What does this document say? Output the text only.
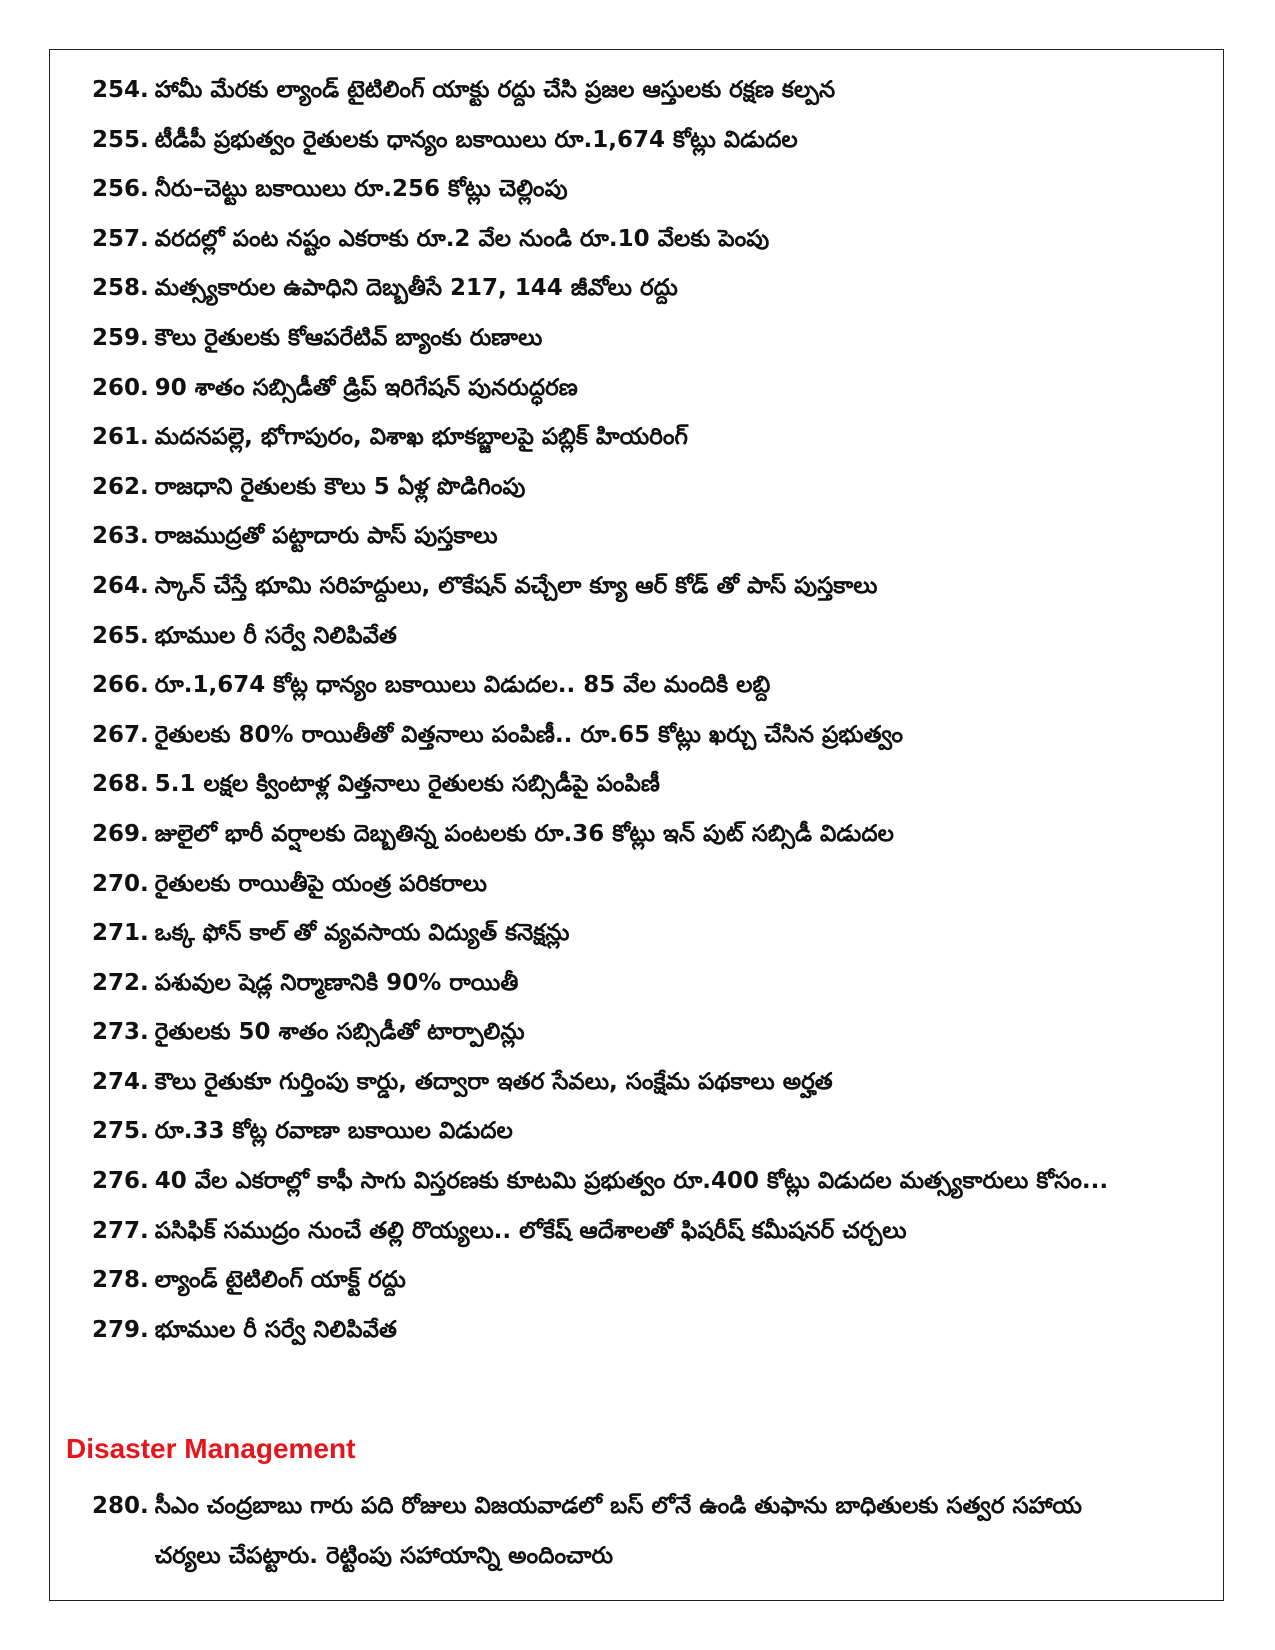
254. హామీ మేరకు ల్యాండ్ టైటిలింగ్ యాక్టు రద్దు చేసి ప్రజల ఆస్తులకు రక్షణ కల్పన
255. టీడీపీ ప్రభుత్వం రైతులకు ధాన్యం బకాయిలు రూ.1,674 కోట్లు విడుదల
256. నీరు–చెట్టు బకాయిలు రూ.256 కోట్లు చెల్లింపు
257. వరదల్లో పంట నష్టం ఎకరాకు రూ.2 వేల నుండి రూ.10 వేలకు పెంపు
258. మత్స్యకారుల ఉపాధిని దెబ్బతీసే 217, 144 జీవోలు రద్దు
259. కౌలు రైతులకు కోఆపరేటివ్ బ్యాంకు రుణాలు
260. 90 శాతం సబ్సిడీతో డ్రిప్ ఇరిగేషన్ పునరుద్ధరణ
261. మదనపల్లె, భోగాపురం, విశాఖ భూకబ్జాలపై పబ్లిక్ హియరింగ్
262. రాజధాని రైతులకు కౌలు 5 ఏళ్ల పొడిగింపు
263. రాజముద్రతో పట్టాదారు పాస్ పుస్తకాలు
264. స్కాన్ చేస్తే భూమి సరిహద్దులు, లొకేషన్ వచ్చేలా క్యూ ఆర్ కోడ్ తో పాస్ పుస్తకాలు
265. భూముల రీ సర్వే నిలిపివేత
266. రూ.1,674 కోట్ల ధాన్యం బకాయిలు విడుదల.. 85 వేల మందికి లబ్ది
267. రైతులకు 80% రాయితీతో విత్తనాలు పంపిణీ.. రూ.65 కోట్లు ఖర్చు చేసిన ప్రభుత్వం
268. 5.1 లక్షల క్వింటాళ్ల విత్తనాలు రైతులకు సబ్సిడీపై పంపిణీ
269. జులైలో భారీ వర్షాలకు దెబ్బతిన్న పంటలకు రూ.36 కోట్లు ఇన్ పుట్ సబ్సిడీ విడుదల
270. రైతులకు రాయితీపై యంత్ర పరికరాలు
271. ఒక్క ఫోన్ కాల్ తో వ్యవసాయ విద్యుత్ కనెక్షన్లు
272. పశువుల షెడ్ల నిర్మాణానికి 90% రాయితీ
273. రైతులకు 50 శాతం సబ్సిడీతో టార్పాలిన్లు
274. కౌలు రైతుకూ గుర్తింపు కార్డు, తద్వారా ఇతర సేవలు, సంక్షేమ పథకాలు అర్హత
275. రూ.33 కోట్ల రవాణా బకాయిల విడుదల
276. 40 వేల ఎకరాల్లో కాఫీ సాగు విస్తరణకు కూటమి ప్రభుత్వం రూ.400 కోట్లు విడుదల మత్స్యకారులు కోసం...
277. పసిఫిక్ సముద్రం నుంచే తల్లి రొయ్యలు.. లోకేష్ ఆదేశాలతో ఫిషరీష్ కమీషనర్ చర్చలు
278. ల్యాండ్ టైటిలింగ్ యాక్ట్ రద్దు
279. భూముల రీ సర్వే నిలిపివేత
Disaster Management
280. సీఎం చంద్రబాబు గారు పది రోజులు విజయవాడలో బస్ లోనే ఉండి తుఫాను బాధితులకు సత్వర సహాయ చర్యలు చేపట్టారు. రెట్టింపు సహాయాన్ని అందించారు
